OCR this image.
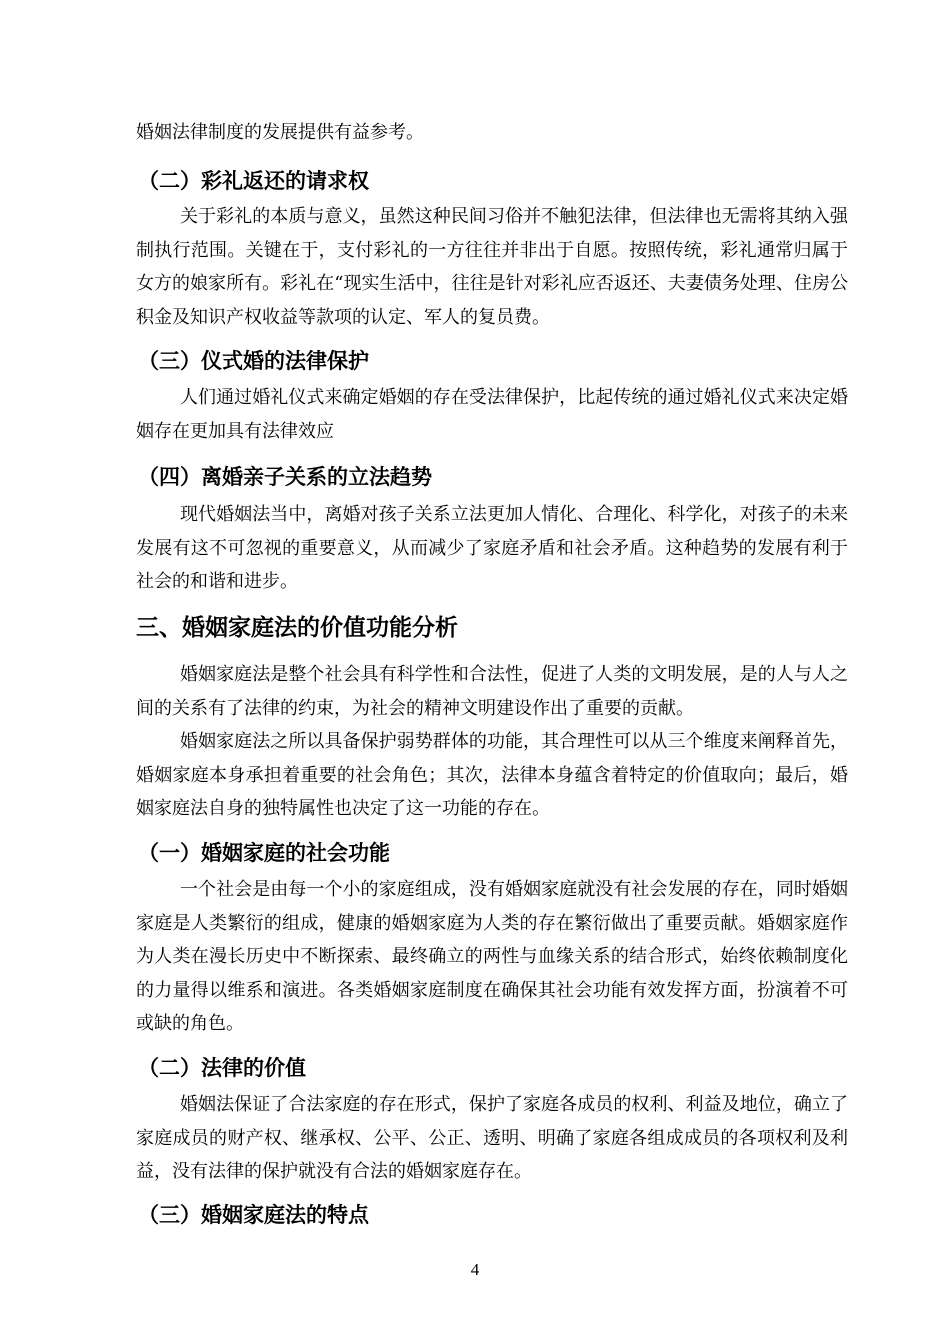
婚姻法律制度的发展提供有益参考。
（二）彩礼返还的请求权
关于彩礼的本质与意义，虽然这种民间习俗并不触犯法律，但法律也无需将其纳入强制执行范围。关键在于，支付彩礼的一方往往并非出于自愿。按照传统，彩礼通常归属于女方的娘家所有。彩礼在“现实生活中，往往是针对彩礼应否返还、夫妻债务处理、住房公积金及知识产权收益等款项的认定、军人的复员费。
（三）仪式婚的法律保护
人们通过婚礼仪式来确定婚姻的存在受法律保护，比起传统的通过婚礼仪式来决定婚姻存在更加具有法律效应
（四）离婚亲子关系的立法趋势
现代婚姻法当中，离婚对孩子关系立法更加人情化、合理化、科学化，对孩子的未来发展有这不可忽视的重要意义，从而减少了家庭矛盾和社会矛盾。这种趋势的发展有利于社会的和谐和进步。
三、婚姻家庭法的价值功能分析
婚姻家庭法是整个社会具有科学性和合法性，促进了人类的文明发展，是的人与人之间的关系有了法律的约束，为社会的精神文明建设作出了重要的贡献。
婚姻家庭法之所以具备保护弱势群体的功能，其合理性可以从三个维度来阐释首先，婚姻家庭本身承担着重要的社会角色；其次，法律本身蕴含着特定的价值取向；最后，婚姻家庭法自身的独特属性也决定了这一功能的存在。
（一）婚姻家庭的社会功能
一个社会是由每一个小的家庭组成，没有婚姻家庭就没有社会发展的存在，同时婚姻家庭是人类繁衍的组成，健康的婚姻家庭为人类的存在繁衍做出了重要贡献。婚姻家庭作为人类在漫长历史中不断探索、最终确立的两性与血缘关系的结合形式，始终依赖制度化的力量得以维系和演进。各类婚姻家庭制度在确保其社会功能有效发挥方面，扮演着不可或缺的角色。
（二）法律的价值
婚姻法保证了合法家庭的存在形式，保护了家庭各成员的权利、利益及地位，确立了家庭成员的财产权、继承权、公平、公正、透明、明确了家庭各组成成员的各项权利及利益，没有法律的保护就没有合法的婚姻家庭存在。
（三）婚姻家庭法的特点
4
